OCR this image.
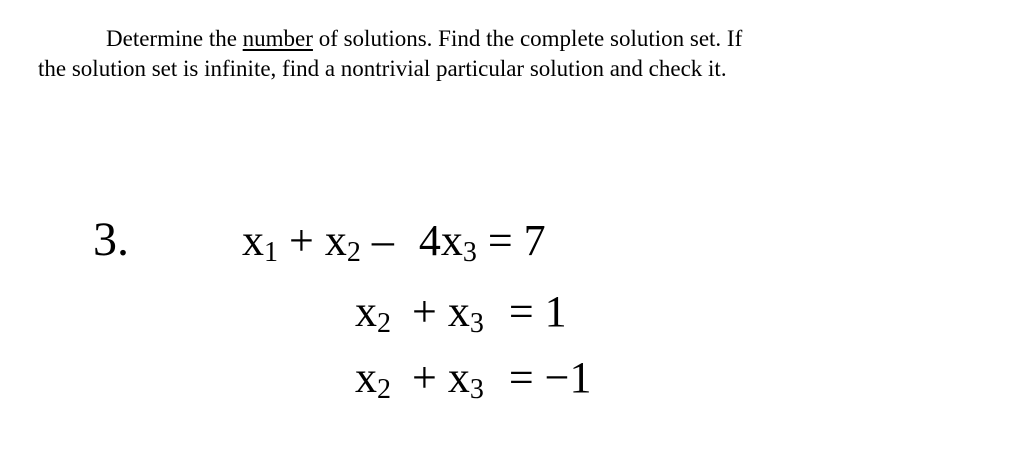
Determine the number of solutions. Find the complete solution set. If
the solution set is infinite, find a nontrivial particular solution and check it.
3.	$x_1 + x_2 - 4x_3 = 7$
$x_2 + x_3 = 1$
$x_2 + x_3 = -1$
